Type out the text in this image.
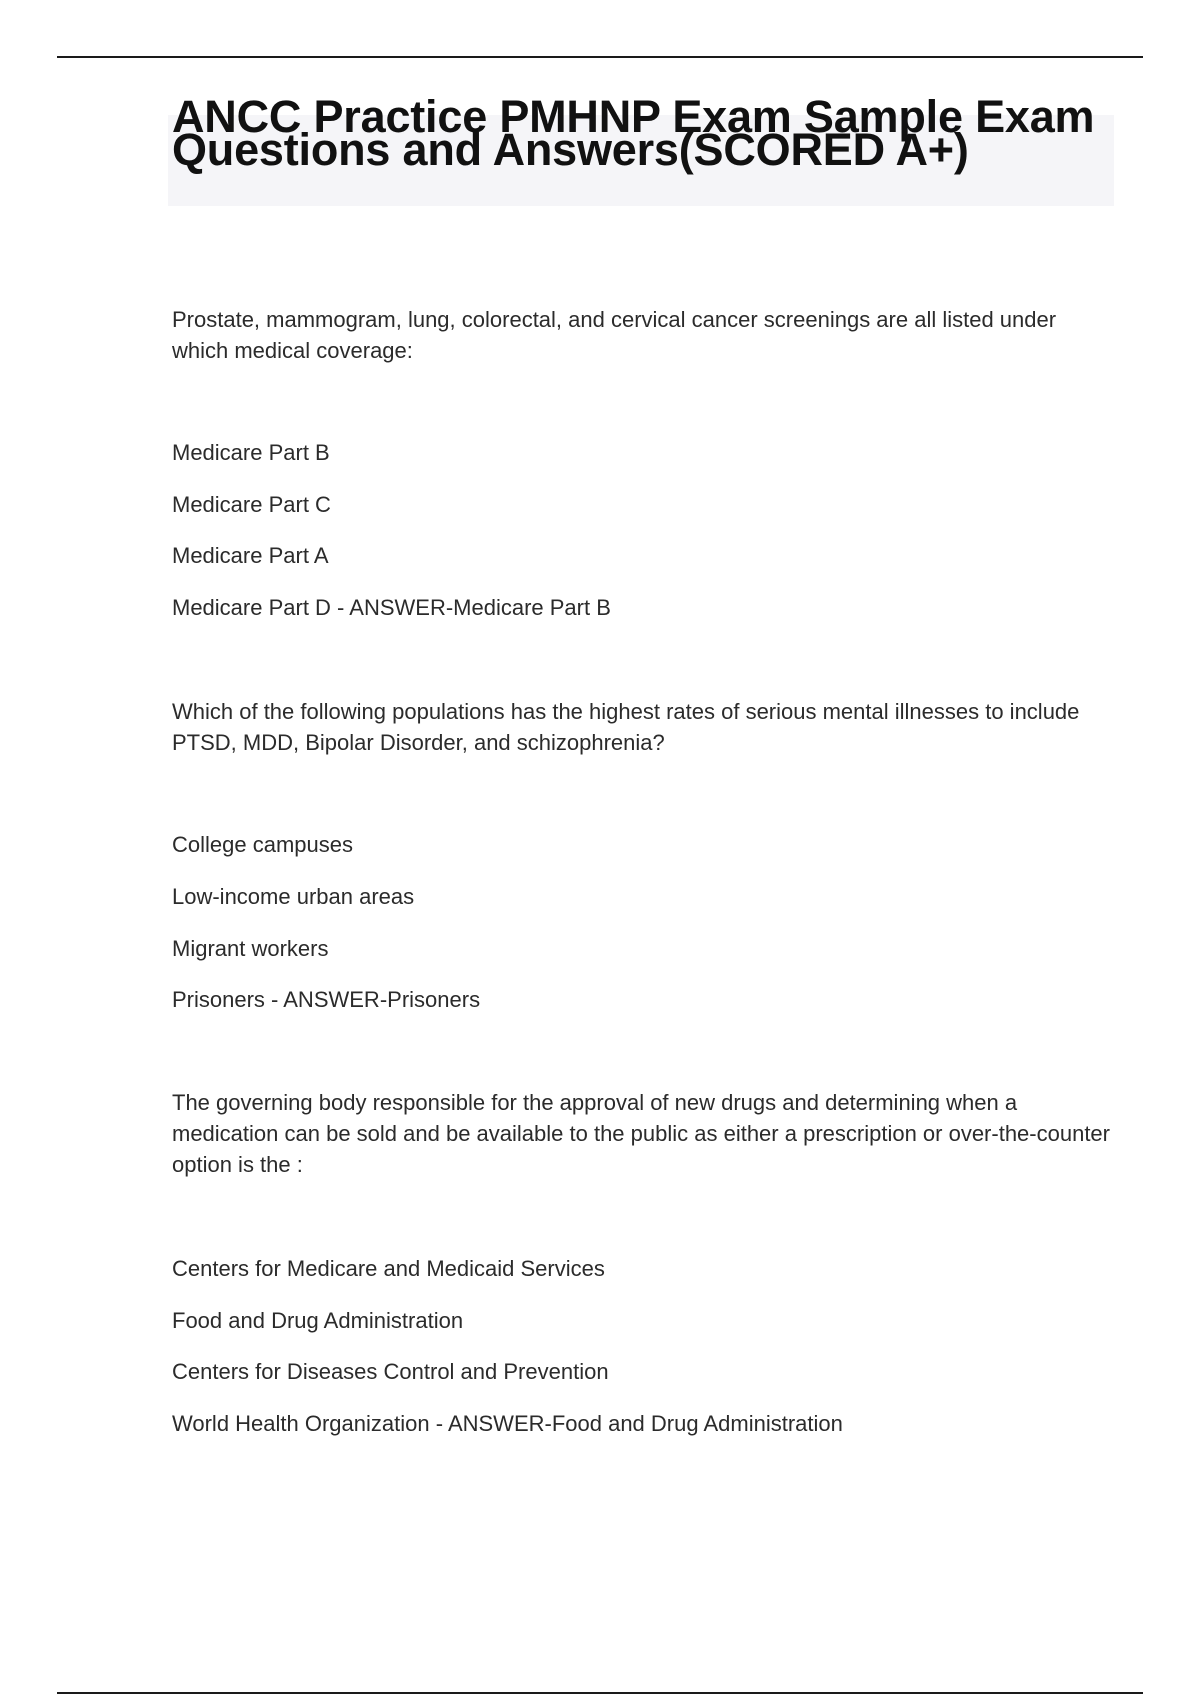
ANCC Practice PMHNP Exam Sample Exam Questions and Answers(SCORED A+)

Prostate, mammogram, lung, colorectal, and cervical cancer screenings are all listed under which medical coverage:

Medicare Part B

Medicare Part C

Medicare Part A

Medicare Part D - ANSWER-Medicare Part B

Which of the following populations has the highest rates of serious mental illnesses to include PTSD, MDD, Bipolar Disorder, and schizophrenia?

College campuses

Low-income urban areas

Migrant workers

Prisoners - ANSWER-Prisoners

The governing body responsible for the approval of new drugs and determining when a medication can be sold and be available to the public as either a prescription or over-the-counter option is the :

Centers for Medicare and Medicaid Services

Food and Drug Administration

Centers for Diseases Control and Prevention

World Health Organization - ANSWER-Food and Drug Administration
